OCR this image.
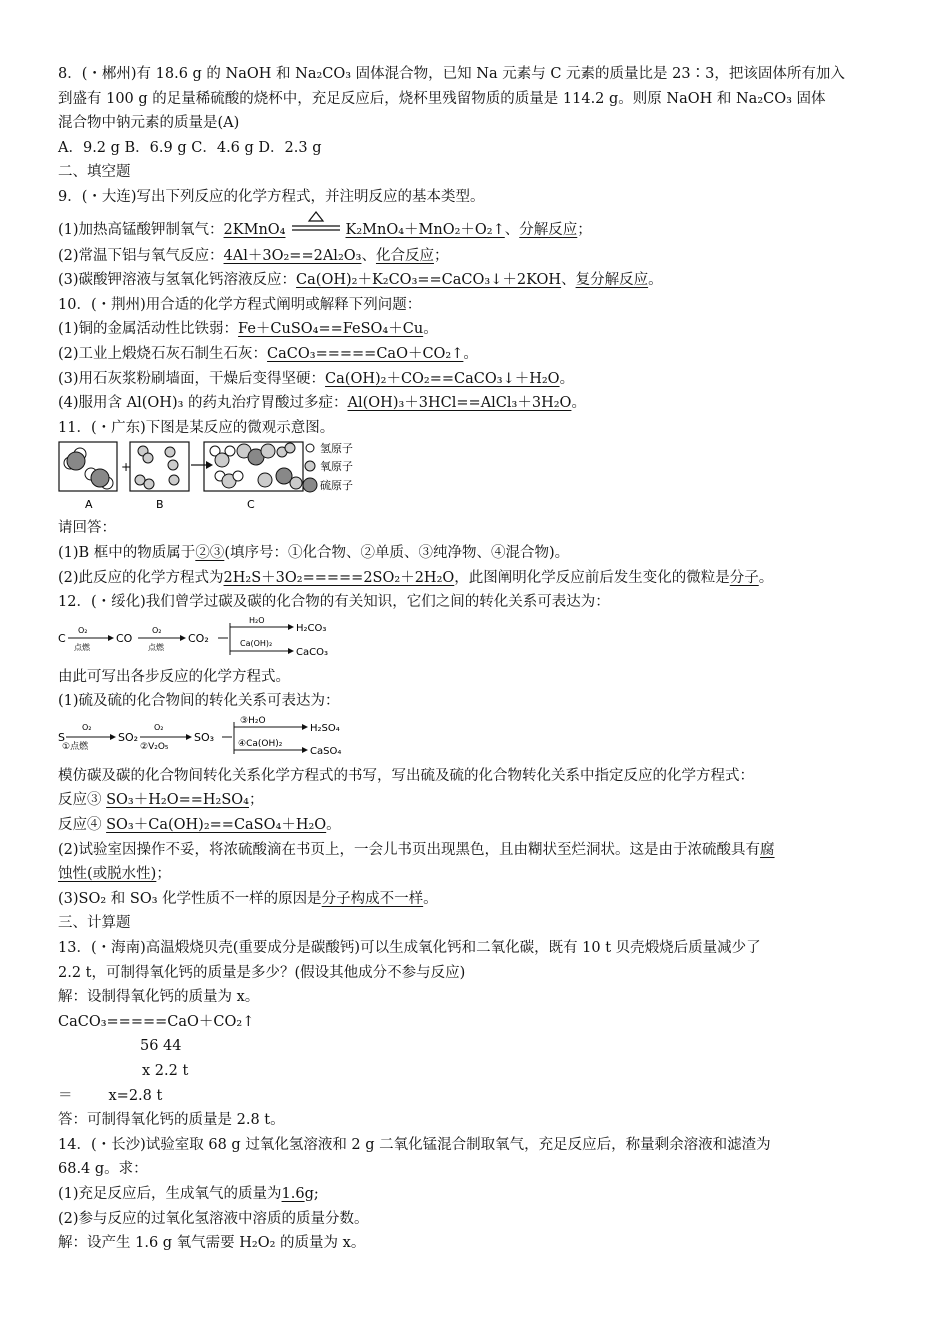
8．(・郴州)有 18.6 g 的 NaOH 和 Na₂CO₃ 固体混合物，已知 Na 元素与 C 元素的质量比是 23∶3，把该固体所有加入
到盛有 100 g 的足量稀硫酸的烧杯中，充足反应后，烧杯里残留物质的质量是 114.2 g。则原 NaOH 和 Na₂CO₃ 固体
混合物中钠元素的质量是(A)
A．9.2 g B．6.9 g C．4.6 g D．2.3 g
二、填空题
9．(・大连)写出下列反应的化学方程式，并注明反应的基本类型。
(1)加热高锰酸钾制氧气：2KMnO₄	K₂MnO₄＋MnO₂＋O₂↑、分解反应；
(2)常温下铝与氧气反应：4Al＋3O₂==2Al₂O₃、化合反应；
(3)碳酸钾溶液与氢氧化钙溶液反应：Ca(OH)₂＋K₂CO₃==CaCO₃↓＋2KOH、复分解反应。
10．(・荆州)用合适的化学方程式阐明或解释下列问题：
(1)铜的金属活动性比铁弱：Fe＋CuSO₄==FeSO₄＋Cu。
(2)工业上煅烧石灰石制生石灰：CaCO₃=====CaO＋CO₂↑。
(3)用石灰浆粉刷墙面，干燥后变得坚硬：Ca(OH)₂＋CO₂==CaCO₃↓＋H₂O。
(4)服用含 Al(OH)₃ 的药丸治疗胃酸过多症：Al(OH)₃＋3HCl==AlCl₃＋3H₂O。
11．(・广东)下图是某反应的微观示意图。
+
A	B	C
氢原子
氧原子
硫原子
请回答：
(1)B 框中的物质属于②③(填序号：①化合物、②单质、③纯净物、④混合物)。
(2)此反应的化学方程式为2H₂S＋3O₂=====2SO₂＋2H₂O，此图阐明化学反应前后发生变化的微粒是分子。
12．(・绥化)我们曾学过碳及碳的化合物的有关知识，它们之间的转化关系可表达为：
C
O₂
点燃
CO
O₂
点燃
CO₂
H₂O
Ca(OH)₂
H₂CO₃
CaCO₃
由此可写出各步反应的化学方程式。
(1)硫及硫的化合物间的转化关系可表达为：
S
O₂
①点燃
SO₂
O₂
②V₂O₅
SO₃
③H₂O
④Ca(OH)₂
H₂SO₄
CaSO₄
模仿碳及碳的化合物间转化关系化学方程式的书写，写出硫及硫的化合物转化关系中指定反应的化学方程式：
反应③ SO₃＋H₂O==H₂SO₄；
反应④ SO₃＋Ca(OH)₂==CaSO₄＋H₂O。
(2)试验室因操作不妥，将浓硫酸滴在书页上，一会儿书页出现黑色，且由糊状至烂洞状。这是由于浓硫酸具有腐
蚀性(或脱水性)；
(3)SO₂ 和 SO₃ 化学性质不一样的原因是分子构成不一样。
三、计算题
13．(・海南)高温煅烧贝壳(重要成分是碳酸钙)可以生成氧化钙和二氧化碳，既有 10 t 贝壳煅烧后质量减少了
2.2 t，可制得氧化钙的质量是多少？(假设其他成分不参与反应)
解：设制得氧化钙的质量为 x。
CaCO₃=====CaO＋CO₂↑
56 44
x 2.2 t
＝ x=2.8 t
答：可制得氧化钙的质量是 2.8 t。
14．(・长沙)试验室取 68 g 过氧化氢溶液和 2 g 二氧化锰混合制取氧气，充足反应后，称量剩余溶液和滤渣为
68.4 g。求：
(1)充足反应后，生成氧气的质量为1.6g;
(2)参与反应的过氧化氢溶液中溶质的质量分数。
解：设产生 1.6 g 氧气需要 H₂O₂ 的质量为 x。
